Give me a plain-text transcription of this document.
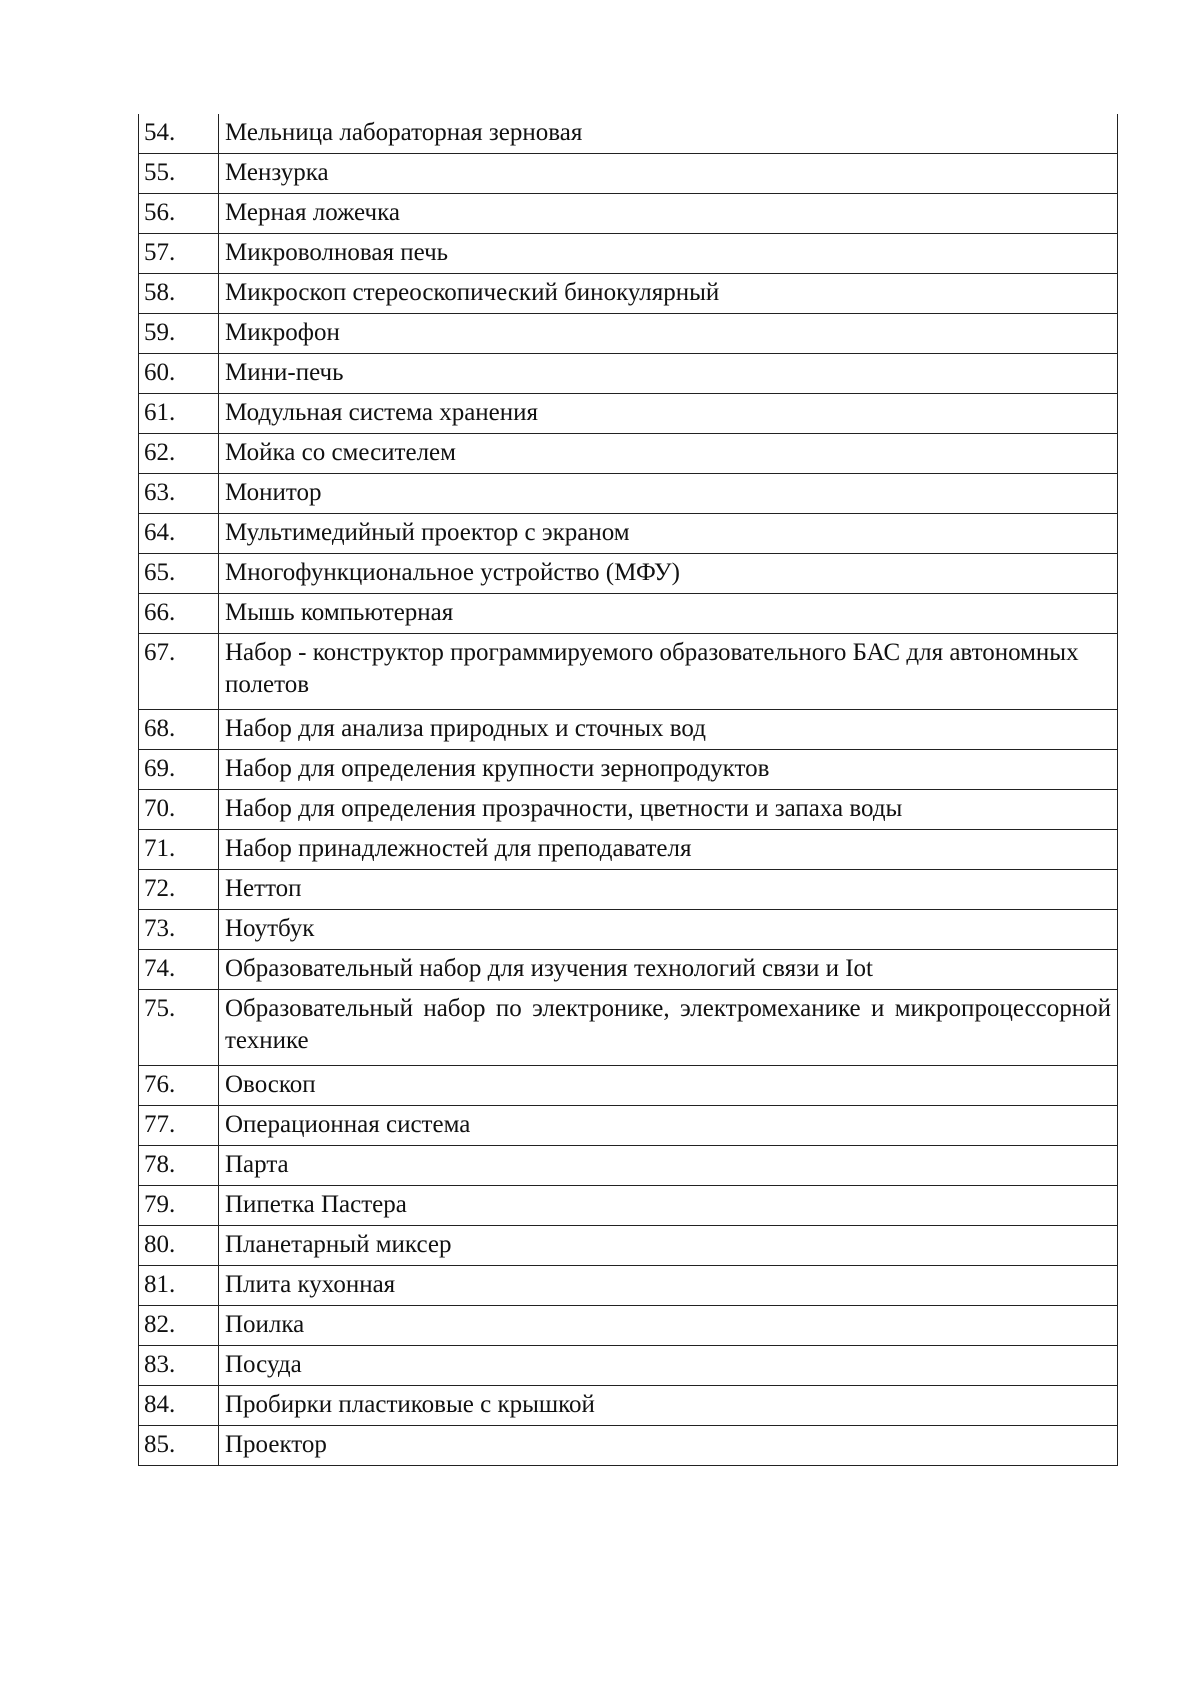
54.	Мельница лабораторная зерновая
55.	Мензурка
56.	Мерная ложечка
57.	Микроволновая печь
58.	Микроскоп стереоскопический бинокулярный
59.	Микрофон
60.	Мини-печь
61.	Модульная система хранения
62.	Мойка со смесителем
63.	Монитор
64.	Мультимедийный проектор с экраном
65.	Многофункциональное устройство (МФУ)
66.	Мышь компьютерная
67.	Набор - конструктор программируемого образовательного БАС для автономных полетов
68.	Набор для анализа природных и сточных вод
69.	Набор для определения крупности зернопродуктов
70.	Набор для определения прозрачности, цветности и запаха воды
71.	Набор принадлежностей для преподавателя
72.	Неттоп
73.	Ноутбук
74.	Образовательный набор для изучения технологий связи и Iot
75.	Образовательный набор по электронике, электромеханике и микропроцессорной технике
76.	Овоскоп
77.	Операционная система
78.	Парта
79.	Пипетка Пастера
80.	Планетарный миксер
81.	Плита кухонная
82.	Поилка
83.	Посуда
84.	Пробирки пластиковые с крышкой
85.	Проектор
